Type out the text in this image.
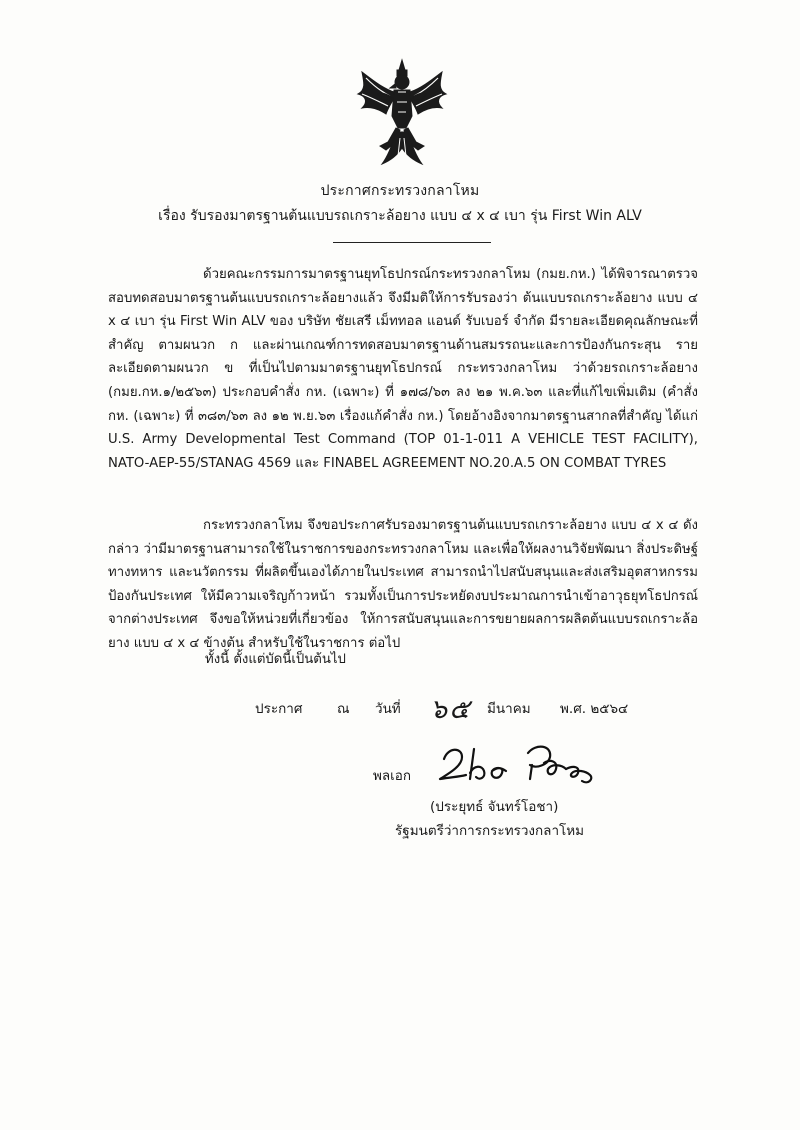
ประกาศกระทรวงกลาโหม
เรื่อง รับรองมาตรฐานต้นแบบรถเกราะล้อยาง แบบ ๔ x ๔ เบา รุ่น First Win ALV
ด้วยคณะกรรมการมาตรฐานยุทโธปกรณ์กระทรวงกลาโหม (กมย.กห.) ได้พิจารณาตรวจสอบทดสอบมาตรฐานต้นแบบรถเกราะล้อยางแล้ว จึงมีมติให้การรับรองว่า ต้นแบบรถเกราะล้อยาง แบบ ๔ x ๔ เบา รุ่น First Win ALV ของ บริษัท ชัยเสรี เม็ททอล แอนด์ รับเบอร์ จำกัด มีรายละเอียดคุณลักษณะที่สำคัญ ตามผนวก ก และผ่านเกณฑ์การทดสอบมาตรฐานด้านสมรรถนะและการป้องกันกระสุน รายละเอียดตามผนวก ข ที่เป็นไปตามมาตรฐานยุทโธปกรณ์ กระทรวงกลาโหม ว่าด้วยรถเกราะล้อยาง (กมย.กห.๑/๒๕๖๓) ประกอบคำสั่ง กห. (เฉพาะ) ที่ ๑๗๘/๖๓ ลง ๒๑ พ.ค.๖๓ และที่แก้ไขเพิ่มเติม (คำสั่ง กห. (เฉพาะ) ที่ ๓๘๓/๖๓ ลง ๑๒ พ.ย.๖๓ เรื่องแก้คำสั่ง กห.) โดยอ้างอิงจากมาตรฐานสากลที่สำคัญ ได้แก่ U.S. Army Developmental Test Command (TOP 01-1-011 A VEHICLE TEST FACILITY), NATO-AEP-55/STANAG 4569 และ FINABEL AGREEMENT NO.20.A.5 ON COMBAT TYRES
กระทรวงกลาโหม จึงขอประกาศรับรองมาตรฐานต้นแบบรถเกราะล้อยาง แบบ ๔ x ๔ ดังกล่าว ว่ามีมาตรฐานสามารถใช้ในราชการของกระทรวงกลาโหม และเพื่อให้ผลงานวิจัยพัฒนา สิ่งประดิษฐ์ทางทหาร และนวัตกรรม ที่ผลิตขึ้นเองได้ภายในประเทศ สามารถนำไปสนับสนุนและส่งเสริมอุตสาหกรรมป้องกันประเทศ ให้มีความเจริญก้าวหน้า รวมทั้งเป็นการประหยัดงบประมาณการนำเข้าอาวุธยุทโธปกรณ์จากต่างประเทศ จึงขอให้หน่วยที่เกี่ยวข้อง ให้การสนับสนุนและการขยายผลการผลิตต้นแบบรถเกราะล้อยาง แบบ ๔ x ๔ ข้างต้น สำหรับใช้ในราชการ ต่อไป
ทั้งนี้ ตั้งแต่บัดนี้เป็นต้นไป
ประกาศ	ณ วันที่ ๖๕ มีนาคม พ.ศ. ๒๕๖๔
พลเอก
(ประยุทธ์ จันทร์โอชา)
รัฐมนตรีว่าการกระทรวงกลาโหม
